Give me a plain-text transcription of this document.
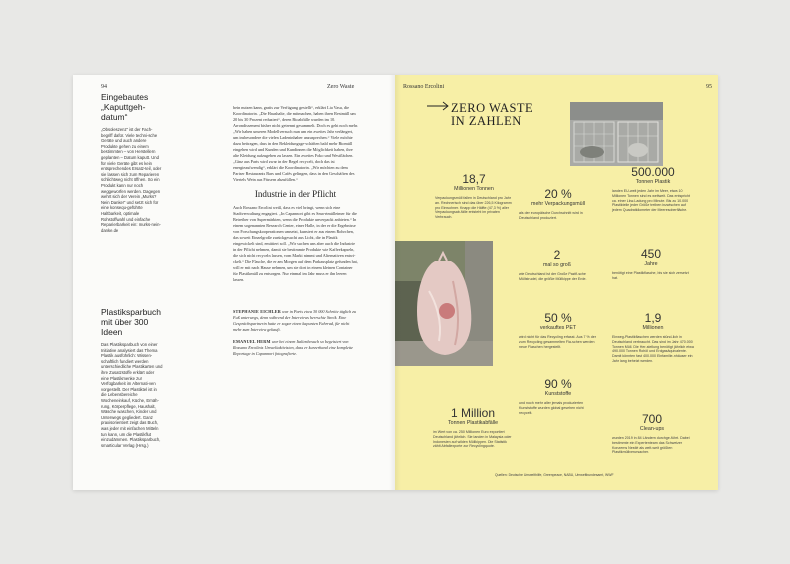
94	Zero Waste
Eingebautes „Kaputtgeh-datum“

„Obsoleszenz“ ist der Fach-begriff dafür. Viele techni-sche Geräte und auch andere Produkte gehen zu einem bestimmten – von Herstellern geplanten – Datum kaputt. Und für viele Geräte gibt es kein entsprechendes Ersatz-teil, oder sie lassen sich zum Reparieren schlichtweg nicht öffnen. So ein Produkt kann nur noch weggeworfen werden. Dagegen wehrt sich der Verein „Murks? Nein Danke!“ und setzt sich für eine konsequ-geführte Haltbarkeit, optimale Rohstoffwahl und einfache Reparierbarkeit ein: murks-nein-danke.de

Plastiksparbuch mit über 300 Ideen

Das Plastiksparbuch von einer Initiative analysiert das Thema Plastik ausführlich: Wissen-schaftlich fundiert werden unterschiedliche Plastikarten und ihre Zusatzstoffe erklärt oder eine Plastikmenke zur Verfügbarkeit im Alternati-ven vorgestellt. Der Plastiktel ist in die Lebensbereiche Wocheneinkauf, Küche, Ernäh-rung, Körperpflege, Haushalt, Wäsche waschen, Kinder und Unterwegs gegliedert. Ganz praxisorientiert zeigt das Buch, was jeder mit einfachen Mitteln tun kann, um die Plastikflut einzudämmen. Plastiksparbuch, smarticular Verlag (Hrsg.)

bein nutzen kann, gratis zur Verfügung gestellt“, erklärt Lia Vasu, die Koordinatorin. „Die Haushalte, die mitmachen, haben ihren Restmüll um 20 bis 30 Prozent reduziert“, deren Bioabfälle wurden im 10. Arrondissement bisher nicht getrennt gesammelt. Doch es geht noch mehr. „Wir haben unseren Modellversuch nun um ein zweites Jahr verlängert, um insbesondere die vielen Ladeninhaber anzusprechen.“ Viele möchte dazu beitragen, dass in den Bekleidungsge-schäften bald mehr Biomüll eingehen wird und Kunden und Kundinnen die Möglichkeit haben, ihre alte Kleidung aufzugeben zu lassen. Ein zweites Foko und Westflächen. „Ginz aus Paris wird zwar in der Regel recycelt, doch das ist energieaufwendig“, erklärt die Koordinatorin. „Wir möchten zu dem Pariser Restaurants Bars und Cafés gelingen, dass in den Geschäften des Viertels Wein aus Fässern abzufüllen.“

Industrie in der Pflicht

Auch Rossano Ercolini weiß, dass es viel bringt, wenn sich eine Stadtverwaltung engagiert. „In Capannori gibt es Sma-rtmülleimer für die Betreiber von Supermärkten, wenn die Produkte unverpackt anbieten.“ In einem sogenannten Research Center, einer Halle, in der er die Ergebnisse von Forschungskooperationen umsetzt, kunstert er aus einem Rohrchen, das soweit Einzelgroße zurückgesucht aus Licht, die in Plastik eingewickelt sind, emittiert soll. „Wir suchen uns aber auch die Industrie in der Pflicht nehmen, damit sie bestimmte Produkte wie Kaffeekapseln, die sich nicht recyceln lassen, vom Markt nimmt und Alternativen entwi-ckelt.“ Die Flasche, die er am Morgen auf dem Parkausplatz gefunden hat, will er mit nach Hause nehmen, um sie dort in einem kleinen Container für Plastikmüll zu entsorgen. Nur einmal im Jahr muss er ihn leeren lassen.

STEPHANIE EICHLER war in Paris etwa 30 000 Schritte täglich zu Fuß unterwegs, denn während der Interviews herrschte Streik. Eine Gesprächspartnerin hatte er sogar einen kapunten Fahrrad, für nicht mehr zum Interview gekauft.

EMANUEL HERM war bei einem Italienbesuch so begeistert von Rossano Ercolinis Umweltaktivisten, dass er kurzerhand eine komplette Reportage in Capannori fotografierte.

Rossano Ercolini	95
ZERO WASTE
IN ZAHLEN
18,7
Millionen Tonnen
Verpackungsmüll fallen in Deutschland pro Jahr an. Rechnerisch sind das über 226,5 Kilogramm pro Einwohner. Knapp die Hälfte (47,3 %) aller Verpackungsab-fälle entsteht im privaten Verbrauch.
20 %
mehr Verpackungsmüll
als der europäische Durchschnitt wird in Deutschland produziert.
500.000
Tonnen Plastik
landen EU-weit jeden Jahr im Meer, etwa 10 Millionen Tonnen sind es weltweit. Das entspricht ca. einer Lkw-Ladung pro Minute. Bis zu 10.000 Plastikteile jeder Größe treiben inzwischen auf jedem Quadratkilometer der Meeresoberfläche.
2
mal so groß
wie Deutschland ist der Große Pazifi-sche Müllstrudel, die größte Müllkippe der Erde.
450
Jahre
benötigt eine Plastikflasche, bis sie sich zersetzt hat.
50 %
verkauftes PET
wird nicht für das Recycling erfasst. Aus 7 % der zum Recycling gesammelten Fla-schen werden neue Flaschen hergestellt.
1,9
Millionen
Einweg-Plastikflaschen werden stünd-lich in Deutschland verbraucht. Das sind im Jahr 470.000 Tonnen Müll. Die Her-stellung benötigt jährlich etwa 490.000 Tonnen Rohöl und Erdgasäquivalente. Damit könnten fast 400.000 Einfamilie-nhäuser ein Jahr lang beheizt werden.
90 %
Kunststoffe
und noch mehr aller jemals produzierten Kunststoffe wurden global gesehen nicht recycelt.
1 Million
Tonnen Plastikabfälle
im Wert von ca. 250 Millionen Euro exportiert Deutschland jährlich. Sie landen in Malaysia oder Indonesien auf wilden Müllkippen. Die Statistik zählt Abfallexporte zur Recyclingquote.
700
Clean-ups
wurden 2019 in 84 Ländern durchge-führt. Dabei bestimmte ein Expertenteam das Schweizer Konzerns Nestlé als welt-weit größten Plastikmüllverursacher.
Quellen: Deutsche Umwelthilfe, Greenpeace, NABU, Umweltbundesamt, WWF
